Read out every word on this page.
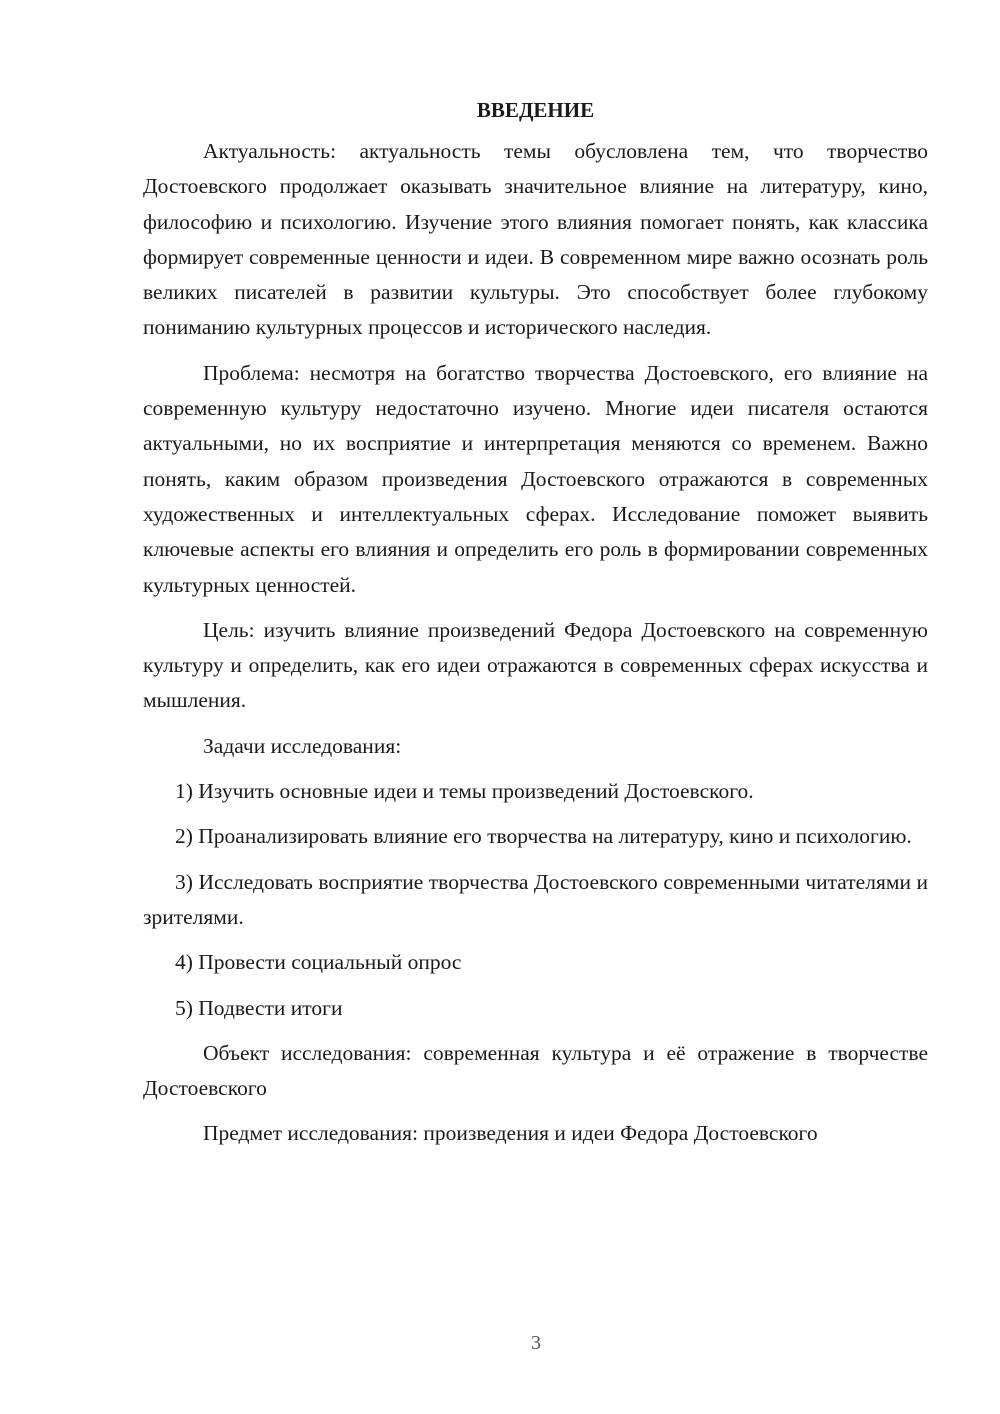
ВВЕДЕНИЕ

Актуальность: актуальность темы обусловлена тем, что творчество Достоевского продолжает оказывать значительное влияние на литературу, кино, философию и психологию. Изучение этого влияния помогает понять, как классика формирует современные ценности и идеи. В современном мире важно осознать роль великих писателей в развитии культуры. Это способствует более глубокому пониманию культурных процессов и исторического наследия.

Проблема: несмотря на богатство творчества Достоевского, его влияние на современную культуру недостаточно изучено. Многие идеи писателя остаются актуальными, но их восприятие и интерпретация меняются со временем. Важно понять, каким образом произведения Достоевского отражаются в современных художественных и интеллектуальных сферах. Исследование поможет выявить ключевые аспекты его влияния и определить его роль в формировании современных культурных ценностей.

Цель: изучить влияние произведений Федора Достоевского на современную культуру и определить, как его идеи отражаются в современных сферах искусства и мышления.

Задачи исследования:

1) Изучить основные идеи и темы произведений Достоевского.

2) Проанализировать влияние его творчества на литературу, кино и психологию.

3) Исследовать восприятие творчества Достоевского современными читателями и зрителями.

4) Провести социальный опрос

5) Подвести итоги

Объект исследования: современная культура и её отражение в творчестве Достоевского

Предмет исследования: произведения и идеи Федора Достоевского

3
